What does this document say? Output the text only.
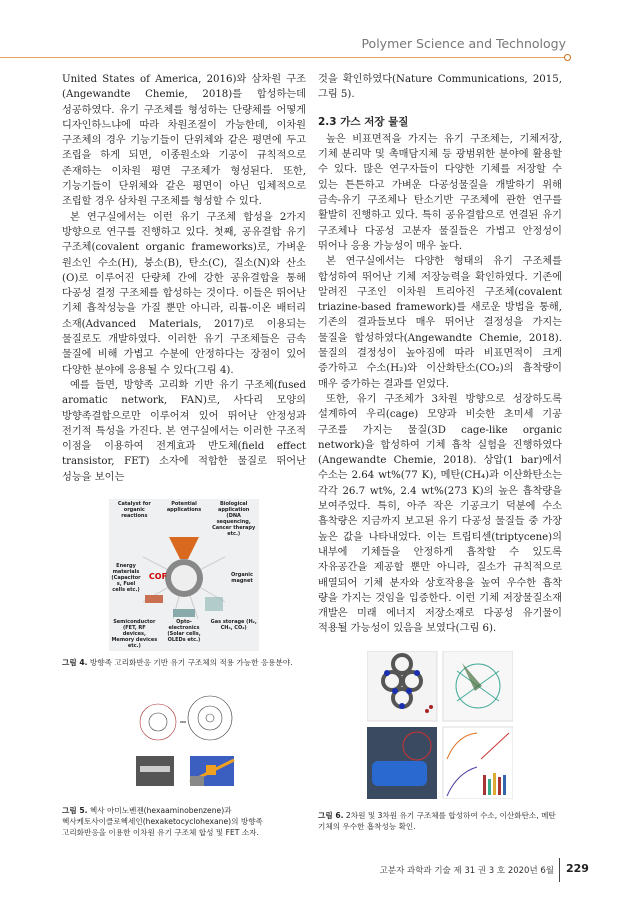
Polymer Science and Technology

United States of America, 2016)와 삼차원 구조(Angewandte Chemie, 2018)를 합성하는데 성공하였다. 유기 구조체를 형성하는 단량체를 어떻게 디자인하느냐에 따라 차원조절이 가능한데, 이차원 구조체의 경우 기능기들이 단위체와 같은 평면에 두고 조립을 하게 되면, 이종원소와 기공이 규칙적으로 존재하는 이차원 평면 구조체가 형성된다. 또한, 기능기들이 단위체와 같은 평면이 아닌 입체적으로 조립할 경우 삼차원 구조체를 형성할 수 있다.

본 연구실에서는 이런 유기 구조체 합성을 2가지 방향으로 연구를 진행하고 있다. 첫째, 공유결합 유기 구조체(covalent organic frameworks)로, 가벼운 원소인 수소(H), 붕소(B), 탄소(C), 질소(N)와 산소(O)로 이루어진 단량체 간에 강한 공유결합을 통해 다공성 결정 구조체를 합성하는 것이다. 이들은 뛰어난 기체 흡착성능을 가질 뿐만 아니라, 리튬-이온 배터리 소재(Advanced Materials, 2017)로 이용되는 물질로도 개발하였다. 이러한 유기 구조체들은 금속 물질에 비해 가볍고 수분에 안정하다는 장점이 있어 다양한 분야에 응용될 수 있다(그림 4).

예를 들면, 방향족 고리화 기반 유기 구조체(fused aromatic network, FAN)로, 사다리 모양의 방향족결합으로만 이루어져 있어 뛰어난 안정성과 전기적 특성을 가진다. 본 연구실에서는 이러한 구조적 이점을 이용하여 전계효과 반도체(field effect transistor, FET) 소자에 적합한 물질로 뛰어난 성능을 보이는

Catalyst for organic reactions
Potential applications
Biological application (DNA sequencing, Cancer therapy etc.)
Energy materials (Capacitors, Fuel cells etc.)
COF	Organic magnet
Semiconductor (FET, RF devices, Memory devices etc.)
Opto-electronics (Solar cells, OLEDs etc.)
Gas storage (H₂, CH₄, CO₂)
그림 4. 방향족 고리화반응 기반 유기 구조체의 적용 가능한 응용분야.
그림 5. 헥사 아미노벤젠(hexaaminobenzene)과 헥사케토사이클로헥세인(hexaketocyclohexane)의 방향족 고리화반응을 이용한 이차원 유기 구조체 합성 및 FET 소자.

것을 확인하였다(Nature Communications, 2015, 그림 5).

2.3 가스 저장 물질

높은 비표면적을 가지는 유기 구조체는, 기체저장, 기체 분리막 및 촉매담지체 등 광범위한 분야에 활용할 수 있다. 많은 연구자들이 다양한 기체를 저장할 수 있는 튼튼하고 가벼운 다공성물질을 개발하기 위해 금속-유기 구조체나 탄소기반 구조체에 관한 연구를 활발히 진행하고 있다. 특히 공유결합으로 연결된 유기 구조체나 다공성 고분자 물질들은 가볍고 안정성이 뛰어나 응용 가능성이 매우 높다.

본 연구실에서는 다양한 형태의 유기 구조체를 합성하여 뛰어난 기체 저장능력을 확인하였다. 기존에 알려진 구조인 이차원 트리아진 구조체(covalent triazine-based framework)를 새로운 방법을 통해, 기존의 결과들보다 매우 뛰어난 결정성을 가지는 물질을 합성하였다(Angewandte Chemie, 2018). 물질의 결정성이 높아짐에 따라 비표면적이 크게 증가하고 수소(H₂)와 이산화탄소(CO₂)의 흡착량이 매우 증가하는 결과를 얻었다.

또한, 유기 구조체가 3차원 방향으로 성장하도록 설계하여 우리(cage) 모양과 비슷한 초미세 기공 구조를 가지는 물질(3D cage-like organic network)을 합성하여 기체 흡착 실험을 진행하였다(Angewandte Chemie, 2018). 상압(1 bar)에서 수소는 2.64 wt%(77 K), 메탄(CH₄)과 이산화탄소는 각각 26.7 wt%, 2.4 wt%(273 K)의 높은 흡착량을 보여주었다. 특히, 아주 작은 기공크기 덕분에 수소 흡착량은 지금까지 보고된 유기 다공성 물질들 중 가장 높은 값을 나타내었다. 이는 트립티센(triptycene)의 내부에 기체들을 안정하게 흡착할 수 있도록 자유공간을 제공할 뿐만 아니라, 질소가 규칙적으로 배열되어 기체 분자와 상호작용을 높여 우수한 흡착 량을 가지는 것임을 입증한다. 이런 기체 저장물질소재 개발은 미래 에너지 저장소재로 다공성 유기물이 적용될 가능성이 있음을 보였다(그림 6).

그림 6. 2차원 및 3차원 유기 구조체를 합성하여 수소, 이산화탄소, 메탄 기체의 우수한 흡착성능 확인.
고분자 과학과 기술 제 31 권 3 호 2020년 6월 229
